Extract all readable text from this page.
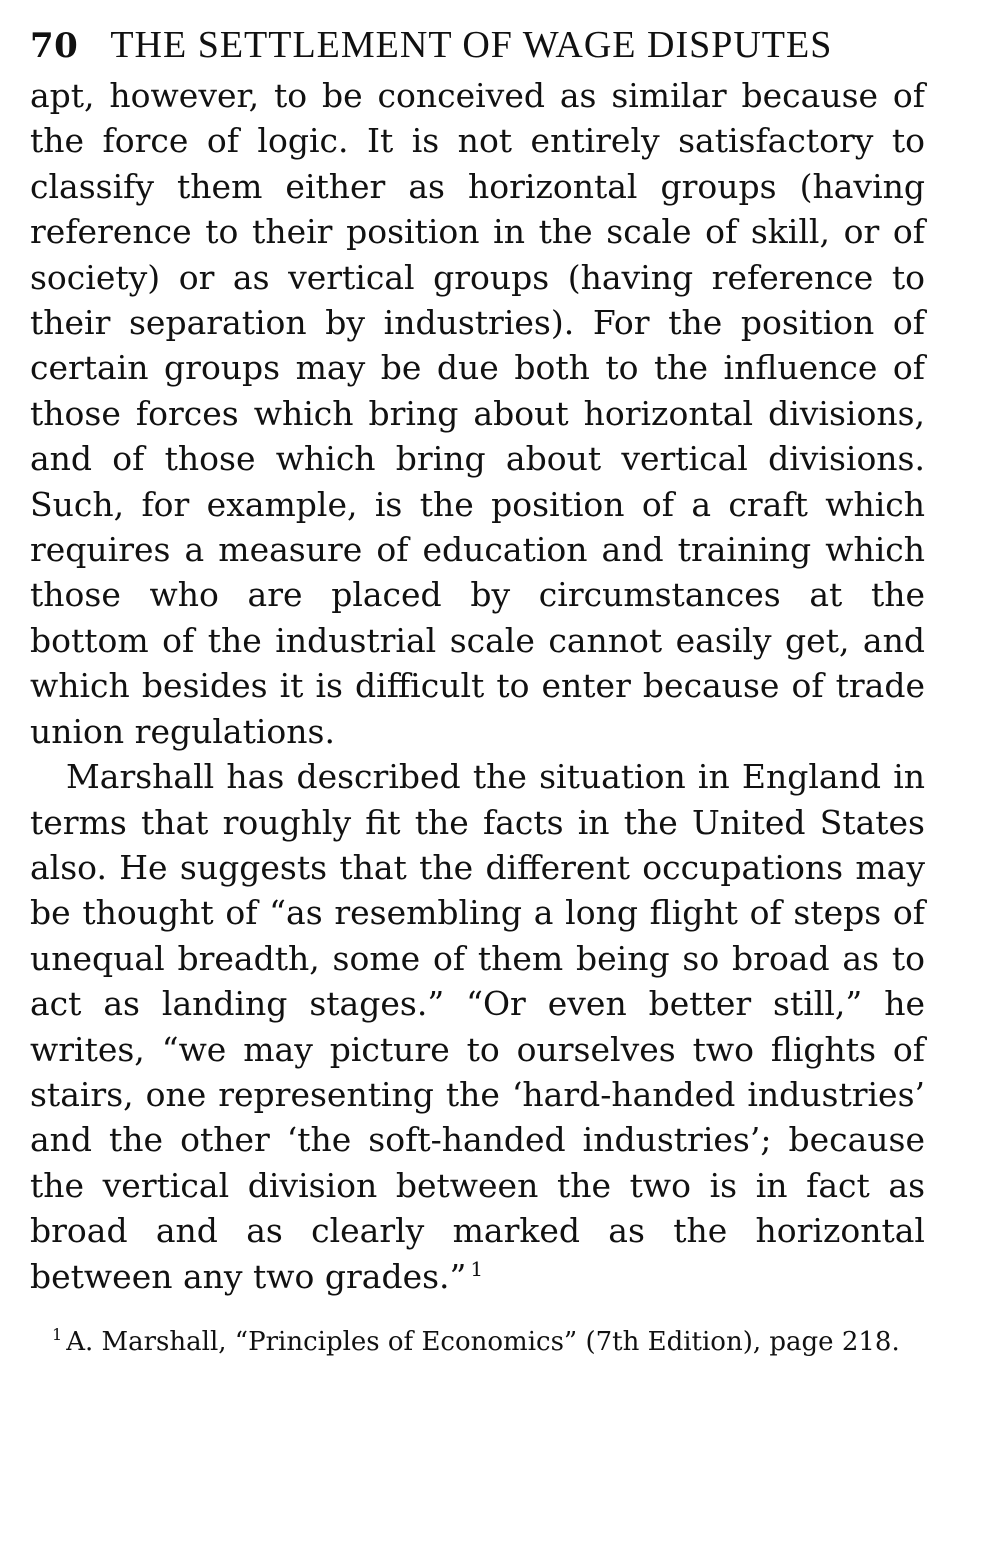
70 THE SETTLEMENT OF WAGE DISPUTES

apt, however, to be conceived as similar because of the force of logic. It is not entirely satisfactory to classify them either as horizontal groups (having reference to their position in the scale of skill, or of society) or as vertical groups (having reference to their separation by industries). For the position of certain groups may be due both to the influence of those forces which bring about horizontal divisions, and of those which bring about vertical divisions. Such, for example, is the position of a craft which requires a measure of education and training which those who are placed by circumstances at the bottom of the industrial scale cannot easily get, and which besides it is difficult to enter because of trade union regulations.

Marshall has described the situation in England in terms that roughly fit the facts in the United States also. He suggests that the different occupations may be thought of “as resembling a long flight of steps of unequal breadth, some of them being so broad as to act as landing stages.” “Or even better still,” he writes, “we may picture to ourselves two flights of stairs, one representing the ‘hard-handed industries’ and the other ‘the soft-handed industries’; because the vertical division between the two is in fact as broad and as clearly marked as the horizontal between any two grades.” $^1$

$^1$ A. Marshall, “Principles of Economics” (7th Edition), page 218.
